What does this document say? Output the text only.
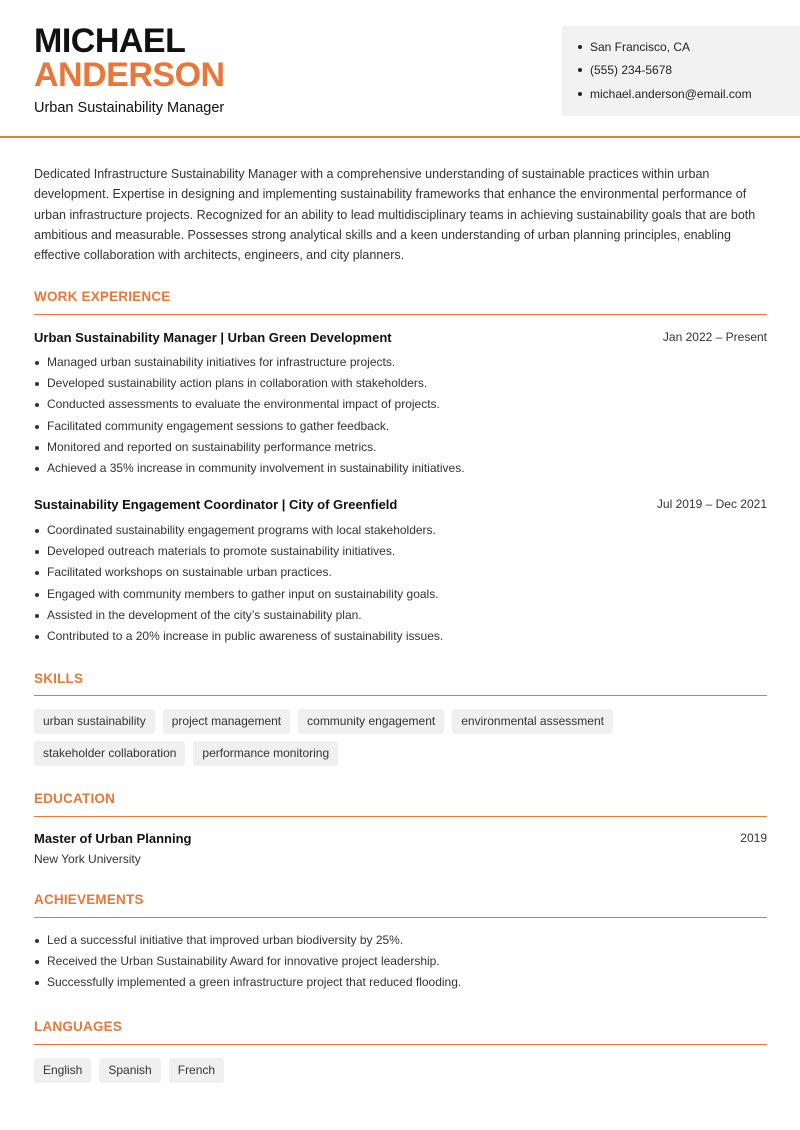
MICHAEL
ANDERSON
Urban Sustainability Manager
San Francisco, CA
(555) 234-5678
michael.anderson@email.com
Dedicated Infrastructure Sustainability Manager with a comprehensive understanding of sustainable practices within urban development. Expertise in designing and implementing sustainability frameworks that enhance the environmental performance of urban infrastructure projects. Recognized for an ability to lead multidisciplinary teams in achieving sustainability goals that are both ambitious and measurable. Possesses strong analytical skills and a keen understanding of urban planning principles, enabling effective collaboration with architects, engineers, and city planners.
WORK EXPERIENCE
Urban Sustainability Manager | Urban Green Development	Jan 2022 – Present
Managed urban sustainability initiatives for infrastructure projects.
Developed sustainability action plans in collaboration with stakeholders.
Conducted assessments to evaluate the environmental impact of projects.
Facilitated community engagement sessions to gather feedback.
Monitored and reported on sustainability performance metrics.
Achieved a 35% increase in community involvement in sustainability initiatives.
Sustainability Engagement Coordinator | City of Greenfield	Jul 2019 – Dec 2021
Coordinated sustainability engagement programs with local stakeholders.
Developed outreach materials to promote sustainability initiatives.
Facilitated workshops on sustainable urban practices.
Engaged with community members to gather input on sustainability goals.
Assisted in the development of the city’s sustainability plan.
Contributed to a 20% increase in public awareness of sustainability issues.
SKILLS
urban sustainability	project management	community engagement	environmental assessment
stakeholder collaboration	performance monitoring
EDUCATION
Master of Urban Planning	2019
New York University
ACHIEVEMENTS
Led a successful initiative that improved urban biodiversity by 25%.
Received the Urban Sustainability Award for innovative project leadership.
Successfully implemented a green infrastructure project that reduced flooding.
LANGUAGES
English	Spanish	French
